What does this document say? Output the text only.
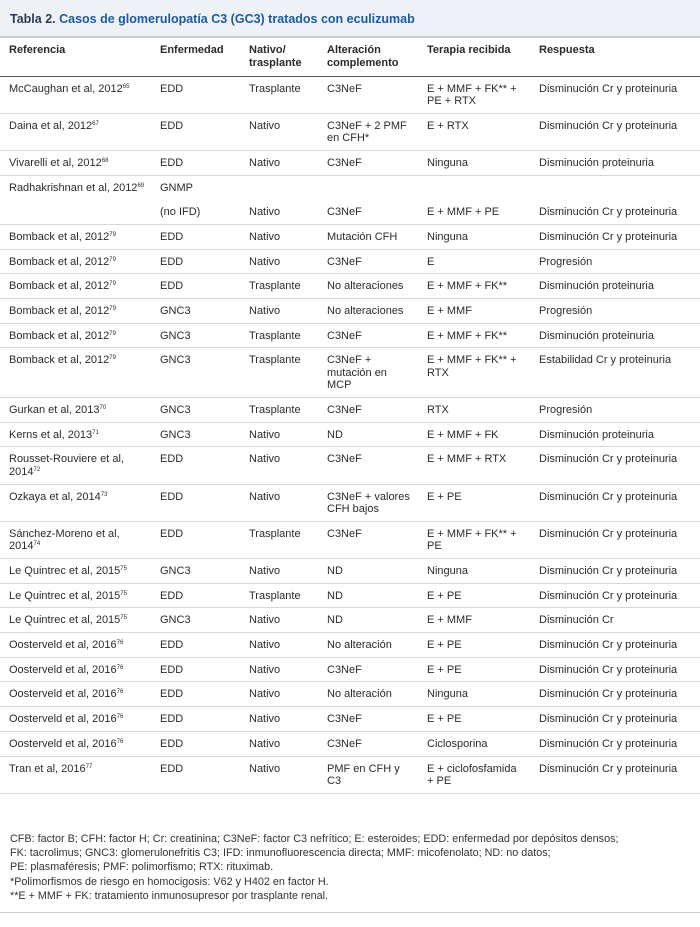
Tabla 2. Casos de glomerulopatía C3 (GC3) tratados con eculizumab
Referencia	Enfermedad	Nativo/ trasplante	Alteración complemento	Terapia recibida	Respuesta
McCaughan et al, 2012$^{65}$	EDD	Trasplante	C3NeF	E + MMF + FK** + PE + RTX	Disminución Cr y proteinuria
Daina et al, 2012$^{67}$	EDD	Nativo	C3NeF + 2 PMF en CFH*	E + RTX	Disminución Cr y proteinuria
Vivarelli et al, 2012$^{68}$	EDD	Nativo	C3NeF	Ninguna	Disminución proteinuria
Radhakrishnan et al, 2012$^{69}$	GNMP				
	(no IFD)	Nativo	C3NeF	E + MMF + PE	Disminución Cr y proteinuria
Bomback et al, 2012$^{79}$	EDD	Nativo	Mutación CFH	Ninguna	Disminución Cr y proteinuria
Bomback et al, 2012$^{79}$	EDD	Nativo	C3NeF	E	Progresión
Bomback et al, 2012$^{79}$	EDD	Trasplante	No alteraciones	E + MMF + FK**	Disminución proteinuria
Bomback et al, 2012$^{79}$	GNC3	Nativo	No alteraciones	E + MMF	Progresión
Bomback et al, 2012$^{79}$	GNC3	Trasplante	C3NeF	E + MMF + FK**	Disminución proteinuria
Bomback et al, 2012$^{79}$	GNC3	Trasplante	C3NeF + mutación en MCP	E + MMF + FK** + RTX	Estabilidad Cr y proteinuria
Gurkan et al, 2013$^{70}$	GNC3	Trasplante	C3NeF	RTX	Progresión
Kerns et al, 2013$^{71}$	GNC3	Nativo	ND	E + MMF + FK	Disminución proteinuria
Rousset-Rouviere et al, 2014$^{72}$	EDD	Nativo	C3NeF	E + MMF + RTX	Disminución Cr y proteinuria
Ozkaya et al, 2014$^{73}$	EDD	Nativo	C3NeF + valores CFH bajos	E + PE	Disminución Cr y proteinuria
Sánchez-Moreno et al, 2014$^{74}$	EDD	Trasplante	C3NeF	E + MMF + FK** + PE	Disminución Cr y proteinuria
Le Quintrec et al, 2015$^{75}$	GNC3	Nativo	ND	Ninguna	Disminución Cr y proteinuria
Le Quintrec et al, 2015$^{75}$	EDD	Trasplante	ND	E + PE	Disminución Cr y proteinuria
Le Quintrec et al, 2015$^{75}$	GNC3	Nativo	ND	E + MMF	Disminución Cr
Oosterveld et al, 2016$^{76}$	EDD	Nativo	No alteración	E + PE	Disminución Cr y proteinuria
Oosterveld et al, 2016$^{76}$	EDD	Nativo	C3NeF	E + PE	Disminución Cr y proteinuria
Oosterveld et al, 2016$^{76}$	EDD	Nativo	No alteración	Ninguna	Disminución Cr y proteinuria
Oosterveld et al, 2016$^{76}$	EDD	Nativo	C3NeF	E + PE	Disminución Cr y proteinuria
Oosterveld et al, 2016$^{76}$	EDD	Nativo	C3NeF	Ciclosporina	Disminución Cr y proteinuria
Tran et al, 2016$^{77}$	EDD	Nativo	PMF en CFH y C3	E + ciclofosfamida + PE	Disminución Cr y proteinuria
CFB: factor B; CFH: factor H; Cr: creatinina; C3NeF: factor C3 nefrítico; E: esteroides; EDD: enfermedad por depósitos densos;
FK: tacrolimus; GNC3: glomerulonefritis C3; IFD: inmunofluorescencia directa; MMF: micofenolato; ND: no datos;
PE: plasmaféresis; PMF: polimorfismo; RTX: rituximab.
*Polimorfismos de riesgo en homocigosis: V62 y H402 en factor H.
**E + MMF + FK: tratamiento inmunosupresor por trasplante renal.
